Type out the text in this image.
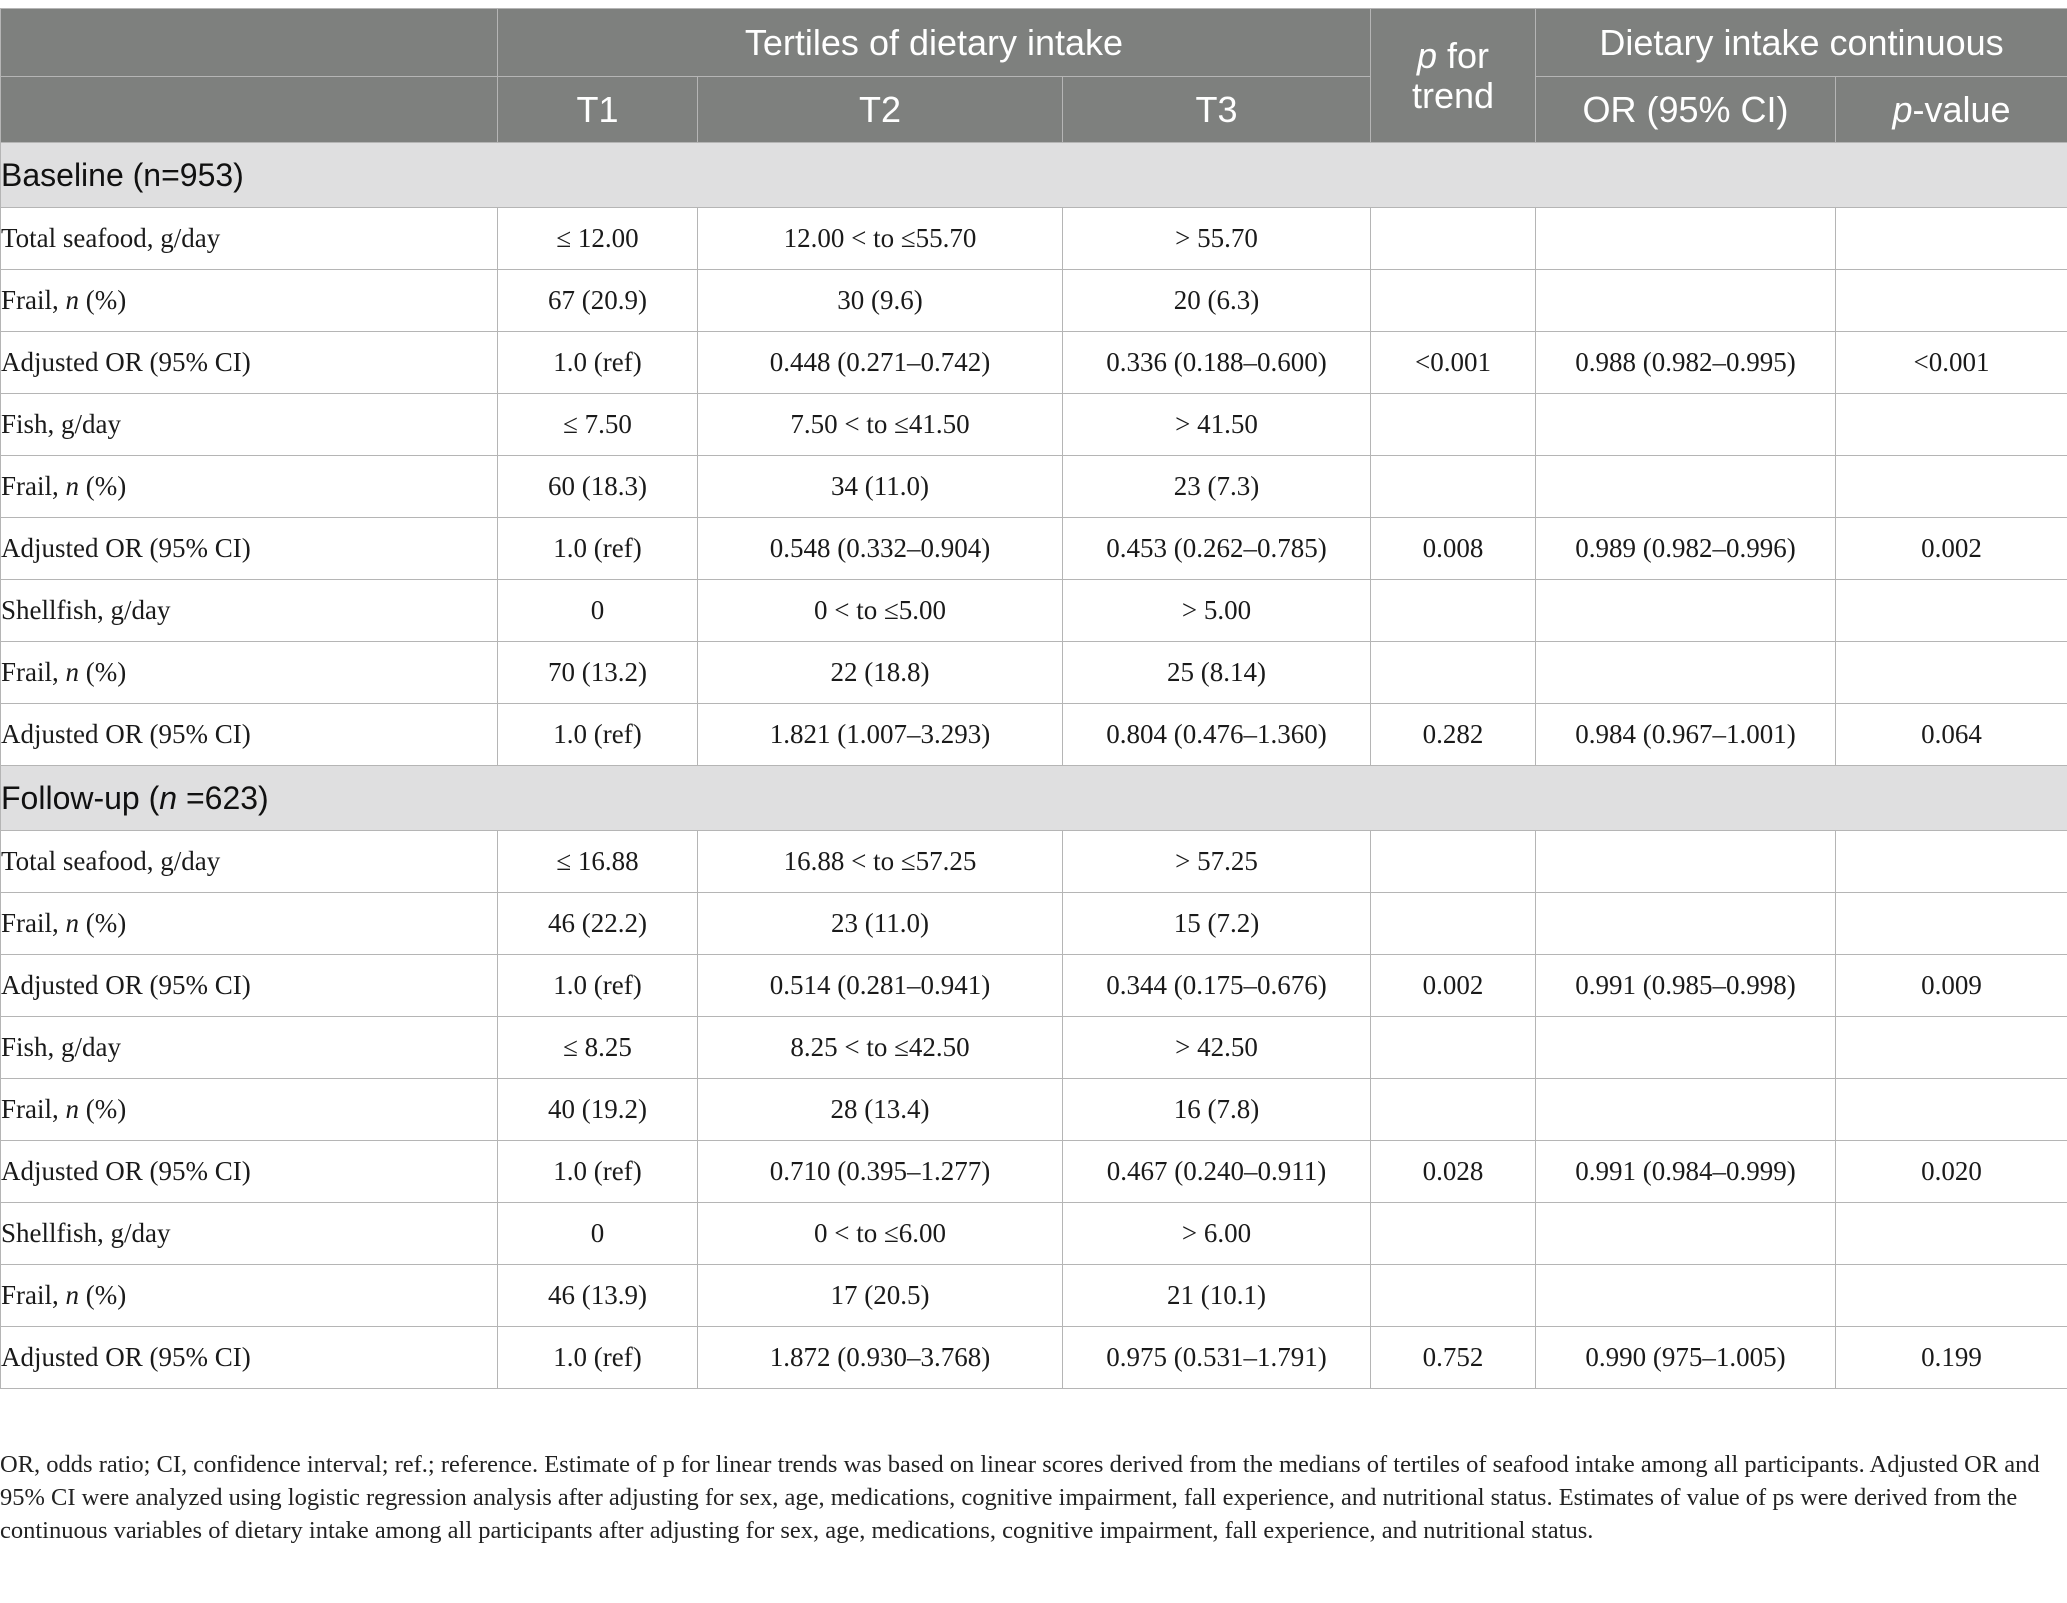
	Tertiles of dietary intake			p for trend	Dietary intake continuous	
	T1	T2	T3		OR (95% CI)	p-value
Baseline (n=953)						
Total seafood, g/day	≤ 12.00	12.00 < to ≤55.70	> 55.70			
Frail, n (%)	67 (20.9)	30 (9.6)	20 (6.3)			
Adjusted OR (95% CI)	1.0 (ref)	0.448 (0.271–0.742)	0.336 (0.188–0.600)	<0.001	0.988 (0.982–0.995)	<0.001
Fish, g/day	≤ 7.50	7.50 < to ≤41.50	> 41.50			
Frail, n (%)	60 (18.3)	34 (11.0)	23 (7.3)			
Adjusted OR (95% CI)	1.0 (ref)	0.548 (0.332–0.904)	0.453 (0.262–0.785)	0.008	0.989 (0.982–0.996)	0.002
Shellfish, g/day	0	0 < to ≤5.00	> 5.00			
Frail, n (%)	70 (13.2)	22 (18.8)	25 (8.14)			
Adjusted OR (95% CI)	1.0 (ref)	1.821 (1.007–3.293)	0.804 (0.476–1.360)	0.282	0.984 (0.967–1.001)	0.064
Follow-up (n =623)						
Total seafood, g/day	≤ 16.88	16.88 < to ≤57.25	> 57.25			
Frail, n (%)	46 (22.2)	23 (11.0)	15 (7.2)			
Adjusted OR (95% CI)	1.0 (ref)	0.514 (0.281–0.941)	0.344 (0.175–0.676)	0.002	0.991 (0.985–0.998)	0.009
Fish, g/day	≤ 8.25	8.25 < to ≤42.50	> 42.50			
Frail, n (%)	40 (19.2)	28 (13.4)	16 (7.8)			
Adjusted OR (95% CI)	1.0 (ref)	0.710 (0.395–1.277)	0.467 (0.240–0.911)	0.028	0.991 (0.984–0.999)	0.020
Shellfish, g/day	0	0 < to ≤6.00	> 6.00			
Frail, n (%)	46 (13.9)	17 (20.5)	21 (10.1)			
Adjusted OR (95% CI)	1.0 (ref)	1.872 (0.930–3.768)	0.975 (0.531–1.791)	0.752	0.990 (975–1.005)	0.199
OR, odds ratio; CI, confidence interval; ref.; reference. Estimate of p for linear trends was based on linear scores derived from the medians of tertiles of seafood intake among all participants. Adjusted OR and 95% CI were analyzed using logistic regression analysis after adjusting for sex, age, medications, cognitive impairment, fall experience, and nutritional status. Estimates of value of ps were derived from the continuous variables of dietary intake among all participants after adjusting for sex, age, medications, cognitive impairment, fall experience, and nutritional status.
